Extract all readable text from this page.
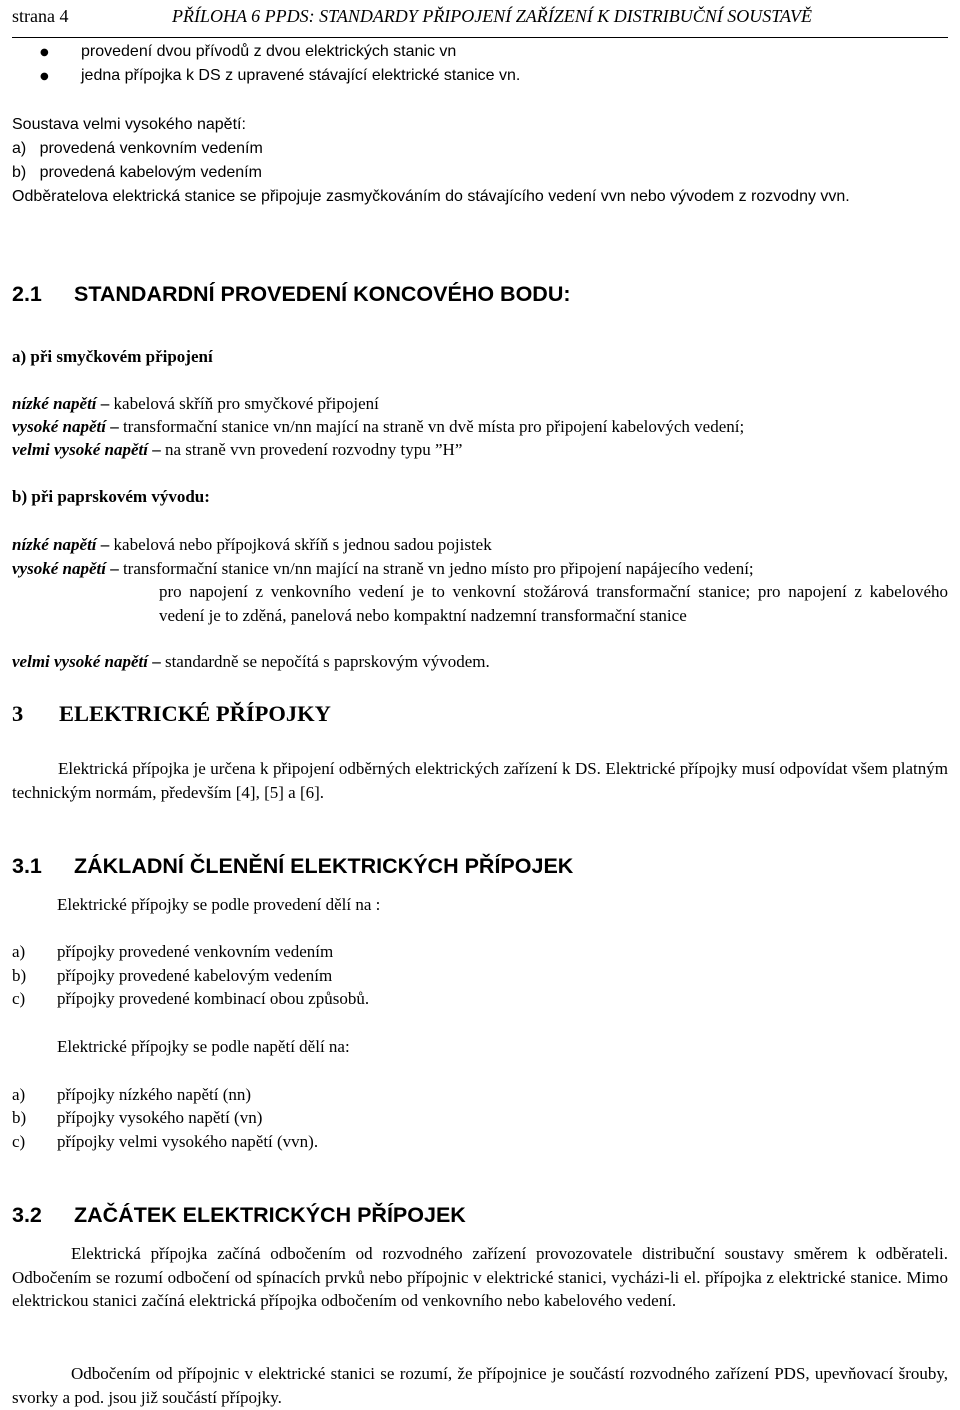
strana 4	PŘÍLOHA 6 PPDS: STANDARDY PŘIPOJENÍ ZAŘÍZENÍ K DISTRIBUČNÍ SOUSTAVĚ
● provedení dvou přívodů z dvou elektrických stanic vn
● jedna přípojka k DS z upravené stávající elektrické stanice vn.
Soustava velmi vysokého napětí:
a)   provedená venkovním vedením
b)   provedená kabelovým vedením
Odběratelova elektrická stanice se připojuje zasmyčkováním do stávajícího vedení vvn nebo vývodem z rozvodny vvn.
2.1 STANDARDNÍ PROVEDENÍ KONCOVÉHO BODU:
a) při smyčkovém připojení
nízké napětí – kabelová skříň pro smyčkové připojení
vysoké napětí – transformační stanice vn/nn mající na straně vn dvě místa pro připojení kabelových vedení;
velmi vysoké napětí – na straně vvn provedení rozvodny typu ”H”
b) při paprskovém vývodu:
nízké napětí – kabelová nebo přípojková skříň s jednou sadou pojistek
vysoké napětí – transformační stanice vn/nn mající na straně vn jedno místo pro připojení napájecího vedení;
pro napojení z venkovního vedení je to venkovní stožárová transformační stanice; pro napojení z kabelového vedení je to zděná, panelová nebo kompaktní nadzemní transformační stanice
velmi vysoké napětí – standardně se nepočítá s paprskovým vývodem.
3 ELEKTRICKÉ PŘÍPOJKY
Elektrická přípojka je určena k připojení odběrných elektrických zařízení k DS. Elektrické přípojky musí odpovídat všem platným technickým normám, především [4], [5] a [6].
3.1 ZÁKLADNÍ ČLENĚNÍ ELEKTRICKÝCH PŘÍPOJEK
Elektrické přípojky se podle provedení dělí na :
a) přípojky provedené venkovním vedením
b) přípojky provedené kabelovým vedením
c) přípojky provedené kombinací obou způsobů.
Elektrické přípojky se podle napětí dělí na:
a) přípojky nízkého napětí (nn)
b) přípojky vysokého napětí (vn)
c) přípojky velmi vysokého napětí (vvn).
3.2 ZAČÁTEK ELEKTRICKÝCH PŘÍPOJEK
Elektrická přípojka začíná odbočením od rozvodného zařízení provozovatele distribuční soustavy směrem k odběrateli. Odbočením se rozumí odbočení od spínacích prvků nebo přípojnic v elektrické stanici, vycházi-li el. přípojka z elektrické stanice. Mimo elektrickou stanici začíná elektrická přípojka odbočením od venkovního nebo kabelového vedení.
Odbočením od přípojnic v elektrické stanici se rozumí, že přípojnice je součástí rozvodného zařízení PDS, upevňovací šrouby, svorky a pod. jsou již součástí přípojky.
